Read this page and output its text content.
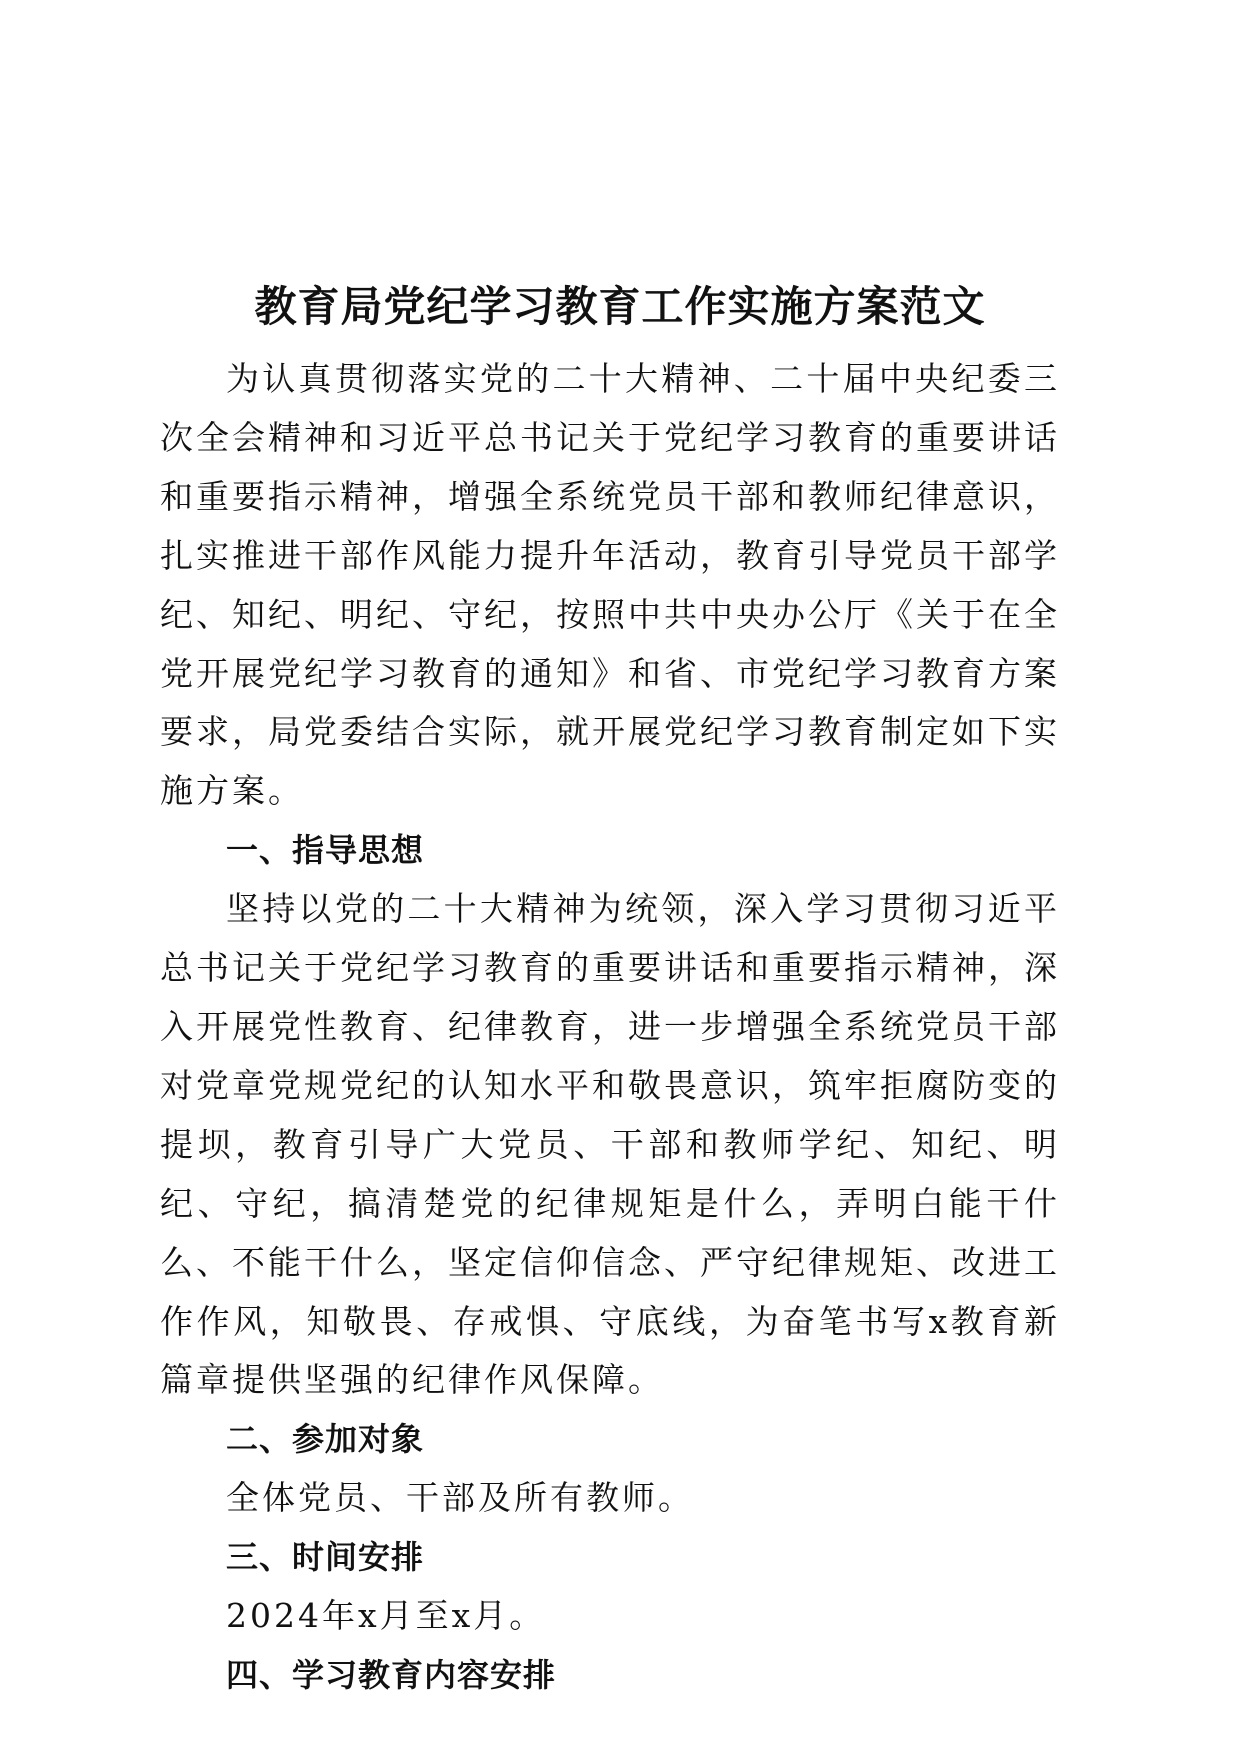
教育局党纪学习教育工作实施方案范文

为认真贯彻落实党的二十大精神、二十届中央纪委三次全会精神和习近平总书记关于党纪学习教育的重要讲话和重要指示精神，增强全系统党员干部和教师纪律意识，扎实推进干部作风能力提升年活动，教育引导党员干部学纪、知纪、明纪、守纪，按照中共中央办公厅《关于在全党开展党纪学习教育的通知》和省、市党纪学习教育方案要求，局党委结合实际，就开展党纪学习教育制定如下实施方案。

一、指导思想

坚持以党的二十大精神为统领，深入学习贯彻习近平总书记关于党纪学习教育的重要讲话和重要指示精神，深入开展党性教育、纪律教育，进一步增强全系统党员干部对党章党规党纪的认知水平和敬畏意识，筑牢拒腐防变的提坝，教育引导广大党员、干部和教师学纪、知纪、明纪、守纪，搞清楚党的纪律规矩是什么，弄明白能干什么、不能干什么，坚定信仰信念、严守纪律规矩、改进工作作风，知敬畏、存戒惧、守底线，为奋笔书写x教育新篇章提供坚强的纪律作风保障。

二、参加对象

全体党员、干部及所有教师。

三、时间安排

2024年x月至x月。

四、学习教育内容安排
